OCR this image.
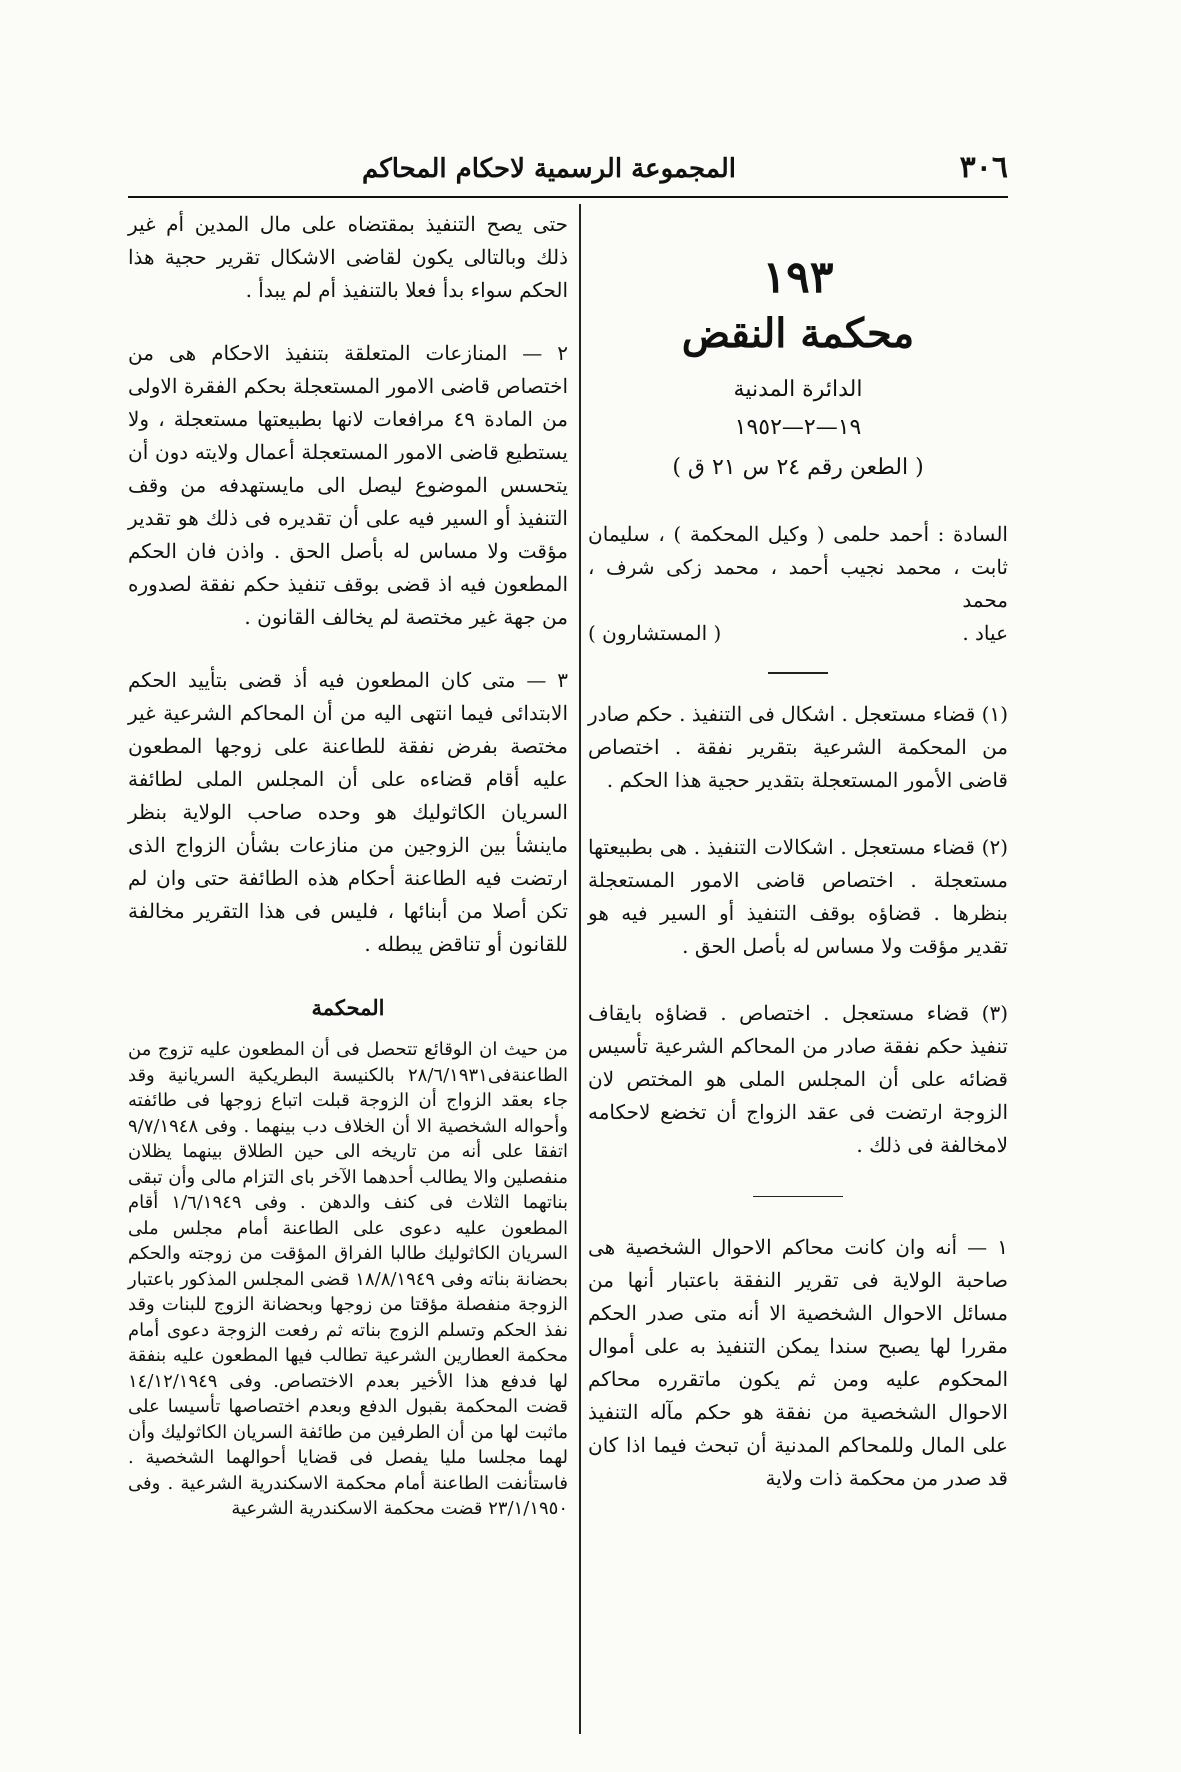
٣٠٦
المجموعة الرسمية لاحكام المحاكم
١٩٣
محكمة النقض
الدائرة المدنية
١٩—٢—١٩٥٢
( الطعن رقم ٢٤ س ٢١ ق )
السادة : أحمد حلمى ( وكيل المحكمة ) ، سليمان ثابت ، محمد نجيب أحمد ، محمد زكى شرف ، محمد
عياد .
( المستشارون )
(١) قضاء مستعجل . اشكال فى التنفيذ . حكم صادر من المحكمة الشرعية بتقرير نفقة . اختصاص قاضى الأمور المستعجلة بتقدير حجية هذا الحكم .
(٢) قضاء مستعجل . اشكالات التنفيذ . هى بطبيعتها مستعجلة . اختصاص قاضى الامور المستعجلة بنظرها . قضاؤه بوقف التنفيذ أو السير فيه هو تقدير مؤقت ولا مساس له بأصل الحق .
(٣) قضاء مستعجل . اختصاص . قضاؤه بايقاف تنفيذ حكم نفقة صادر من المحاكم الشرعية تأسيس قضائه على أن المجلس الملى هو المختص لان الزوجة ارتضت فى عقد الزواج أن تخضع لاحكامه لامخالفة فى ذلك .
١ — أنه وان كانت محاكم الاحوال الشخصية هى صاحبة الولاية فى تقرير النفقة باعتبار أنها من مسائل الاحوال الشخصية الا أنه متى صدر الحكم مقررا لها يصبح سندا يمكن التنفيذ به على أموال المحكوم عليه ومن ثم يكون ماتقرره محاكم الاحوال الشخصية من نفقة هو حكم مآله التنفيذ على المال وللمحاكم المدنية أن تبحث فيما اذا كان قد صدر من محكمة ذات ولاية
حتى يصح التنفيذ بمقتضاه على مال المدين أم غير ذلك وبالتالى يكون لقاضى الاشكال تقرير حجية هذا الحكم سواء بدأ فعلا بالتنفيذ أم لم يبدأ .
٢ — المنازعات المتعلقة بتنفيذ الاحكام هى من اختصاص قاضى الامور المستعجلة بحكم الفقرة الاولى من المادة ٤٩ مرافعات لانها بطبيعتها مستعجلة ، ولا يستطيع قاضى الامور المستعجلة أعمال ولايته دون أن يتحسس الموضوع ليصل الى مايستهدفه من وقف التنفيذ أو السير فيه على أن تقديره فى ذلك هو تقدير مؤقت ولا مساس له بأصل الحق . واذن فان الحكم المطعون فيه اذ قضى بوقف تنفيذ حكم نفقة لصدوره من جهة غير مختصة لم يخالف القانون .
٣ — متى كان المطعون فيه أذ قضى بتأييد الحكم الابتدائى فيما انتهى اليه من أن المحاكم الشرعية غير مختصة بفرض نفقة للطاعنة على زوجها المطعون عليه أقام قضاءه على أن المجلس الملى لطائفة السريان الكاثوليك هو وحده صاحب الولاية بنظر ماينشأ بين الزوجين من منازعات بشأن الزواج الذى ارتضت فيه الطاعنة أحكام هذه الطائفة حتى وان لم تكن أصلا من أبنائها ، فليس فى هذا التقرير مخالفة للقانون أو تناقض يبطله .
المحكمة
من حيث ان الوقائع تتحصل فى أن المطعون عليه تزوج من الطاعنةفى٢٨/٦/١٩٣١ بالكنيسة البطريكية السريانية وقد جاء بعقد الزواج أن الزوجة قبلت اتباع زوجها فى طائفته وأحواله الشخصية الا أن الخلاف دب بينهما . وفى ٩/٧/١٩٤٨ اتفقا على أنه من تاريخه الى حين الطلاق بينهما يظلان منفصلين والا يطالب أحدهما الآخر باى التزام مالى وأن تبقى بناتهما الثلاث فى كنف والدهن . وفى ١/٦/١٩٤٩ أقام المطعون عليه دعوى على الطاعنة أمام مجلس ملى السريان الكاثوليك طالبا الفراق المؤقت من زوجته والحكم بحضانة بناته وفى ١٨/٨/١٩٤٩ قضى المجلس المذكور باعتبار الزوجة منفصلة مؤقتا من زوجها وبحضانة الزوج للبنات وقد نفذ الحكم وتسلم الزوج بناته ثم رفعت الزوجة دعوى أمام محكمة العطارين الشرعية تطالب فيها المطعون عليه بنفقة لها فدفع هذا الأخير بعدم الاختصاص. وفى ١٤/١٢/١٩٤٩ قضت المحكمة بقبول الدفع وبعدم اختصاصها تأسيسا على ماثبت لها من أن الطرفين من طائفة السريان الكاثوليك وأن لهما مجلسا مليا يفصل فى قضايا أحوالهما الشخصية . فاستأنفت الطاعنة أمام محكمة الاسكندرية الشرعية . وفى ٢٣/١/١٩٥٠ قضت محكمة الاسكندرية الشرعية
